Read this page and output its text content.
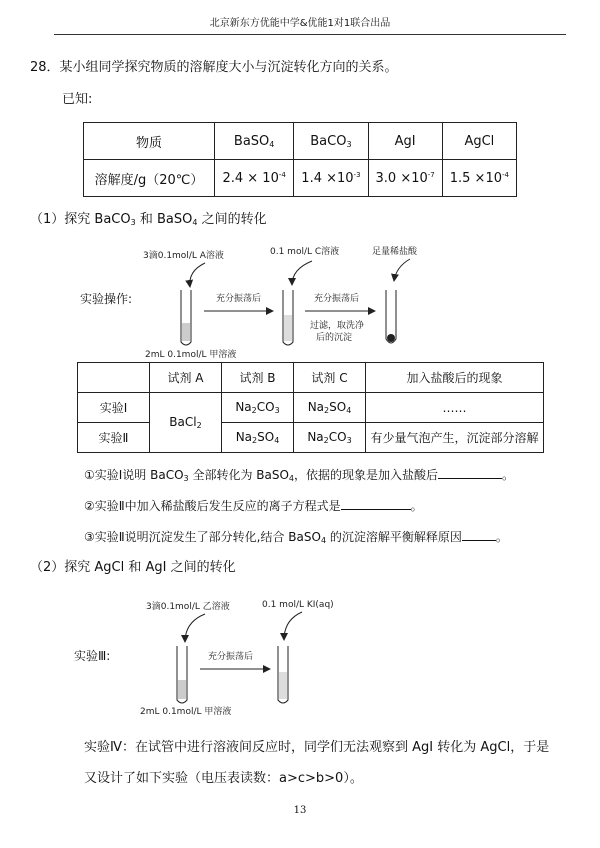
北京新东方优能中学&优能1对1联合出品
28．某小组同学探究物质的溶解度大小与沉淀转化方向的关系。
已知:
物质	BaSO$_4$	BaCO$_3$	AgI	AgCl
溶解度/g（20℃）	$2.4 \times 10^{-4}$	$1.4 \times 10^{-3}$	$3.0 \times 10^{-7}$	$1.5 \times 10^{-4}$
（1）探究 BaCO$_3$ 和 BaSO$_4$ 之间的转化
3滴0.1mol/L A溶液	0.1 mol/L C溶液	足量稀盐酸
实验操作:	充分振荡后	充分振荡后
过滤，取洗净
后的沉淀
2mL 0.1mol/L 甲溶液
	试剂 A	试剂 B	试剂 C	加入盐酸后的现象
实验Ⅰ	BaCl$_2$	$Na_2CO_3$	$Na_2SO_4$	……
实验Ⅱ		$Na_2SO_4$	$Na_2CO_3$	有少量气泡产生，沉淀部分溶解
①实验Ⅰ说明 BaCO$_3$ 全部转化为 BaSO$_4$，依据的现象是加入盐酸后	。
②实验Ⅱ中加入稀盐酸后发生反应的离子方程式是	。
③实验Ⅱ说明沉淀发生了部分转化,结合 BaSO$_4$ 的沉淀溶解平衡解释原因	。
（2）探究 AgCl 和 AgI 之间的转化
3滴0.1mol/L 乙溶液	0.1 mol/L KI(aq)
实验Ⅲ:	充分振荡后
2mL 0.1mol/L 甲溶液
实验Ⅳ：在试管中进行溶液间反应时，同学们无法观察到 AgI 转化为 AgCl，于是
又设计了如下实验（电压表读数：a>c>b>0）。
13
